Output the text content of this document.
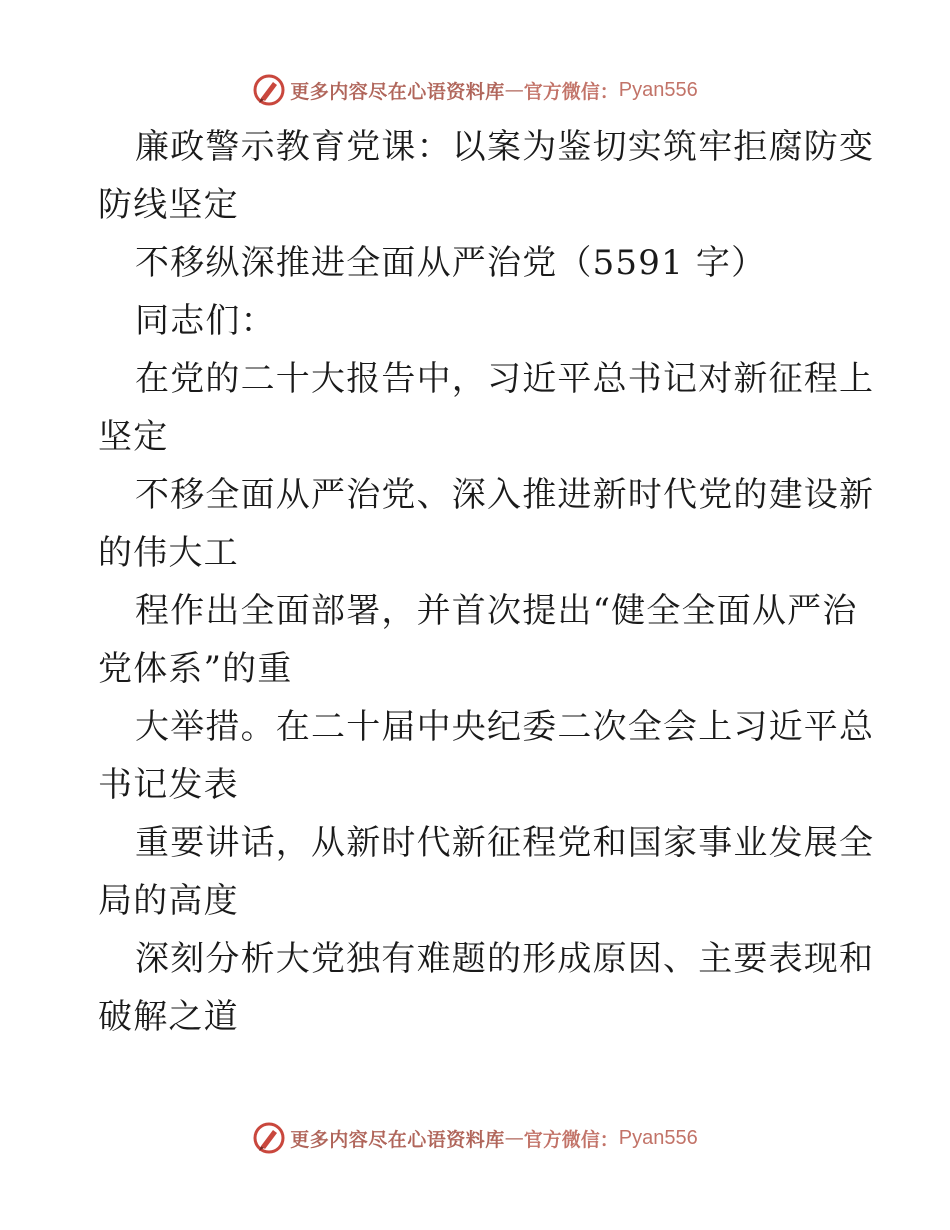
更多内容尽在心语资料库 — 官方微信： Pyan556
廉政警示教育党课：以案为鉴切实筑牢拒腐防变
防线坚定
不移纵深推进全面从严治党（5591 字）
同志们：
在党的二十大报告中，习近平总书记对新征程上
坚定
不移全面从严治党、深入推进新时代党的建设新
的伟大工
程作出全面部署，并首次提出“健全全面从严治
党体系”的重
大举措。在二十届中央纪委二次全会上习近平总
书记发表
重要讲话，从新时代新征程党和国家事业发展全
局的高度
深刻分析大党独有难题的形成原因、主要表现和
破解之道
更多内容尽在心语资料库 — 官方微信： Pyan556
